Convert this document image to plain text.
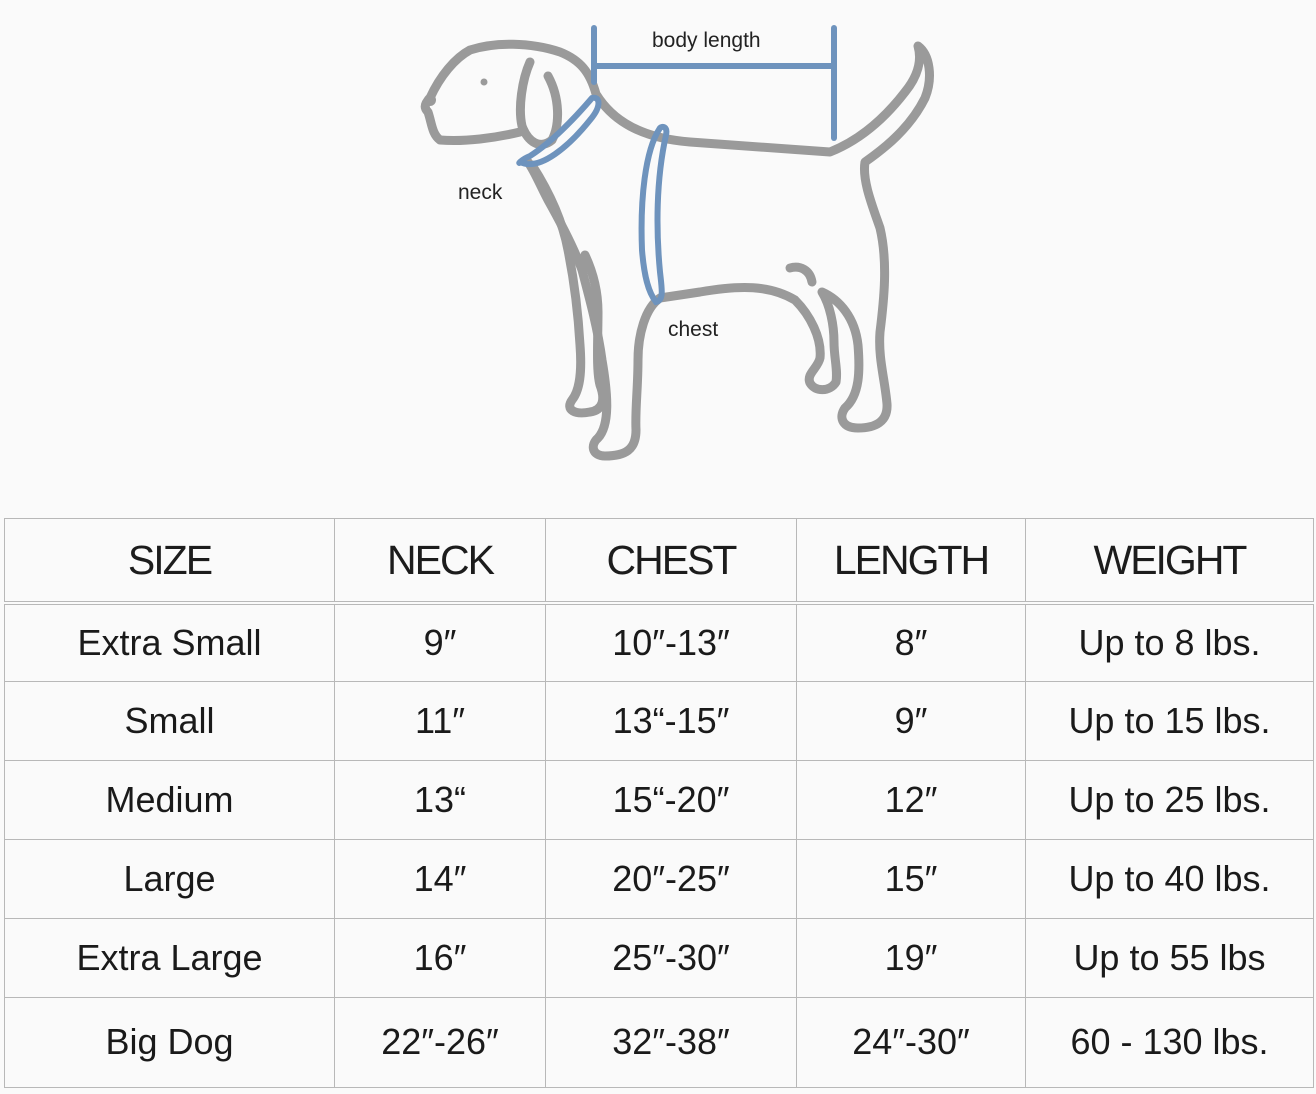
body length
neck
chest
SIZE	NECK	CHEST	LENGTH	WEIGHT
Extra Small	9″	10″-13″	8″	Up to 8 lbs.
Small	11″	13“-15″	9″	Up to 15 lbs.
Medium	13“	15“-20″	12″	Up to 25 lbs.
Large	14″	20″-25″	15″	Up to 40 lbs.
Extra Large	16″	25″-30″	19″	Up to 55 lbs
Big Dog	22″-26″	32″-38″	24″-30″	60 - 130 lbs.
